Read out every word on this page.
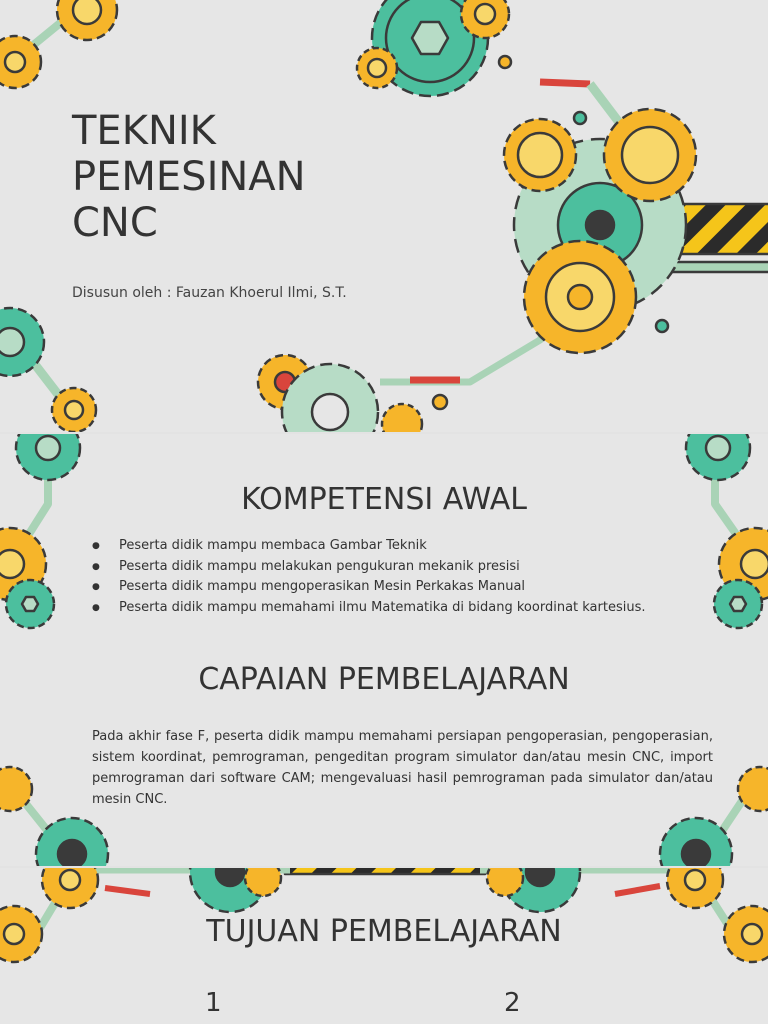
TEKNIK
PEMESINAN
CNC
Disusun oleh : Fauzan Khoerul Ilmi, S.T.
KOMPETENSI AWAL
● Peserta didik mampu membaca Gambar Teknik
● Peserta didik mampu melakukan pengukuran mekanik presisi
● Peserta didik mampu mengoperasikan Mesin Perkakas Manual
● Peserta didik mampu memahami ilmu Matematika di bidang koordinat kartesius.
CAPAIAN PEMBELAJARAN

Pada akhir fase F, peserta didik mampu memahami persiapan pengoperasian, pengoperasian, sistem koordinat, pemrograman, pengeditan program simulator dan/atau mesin CNC, import pemrograman dari software CAM; mengevaluasi hasil pemrograman pada simulator dan/atau mesin CNC.

TUJUAN PEMBELAJARAN
1	2
